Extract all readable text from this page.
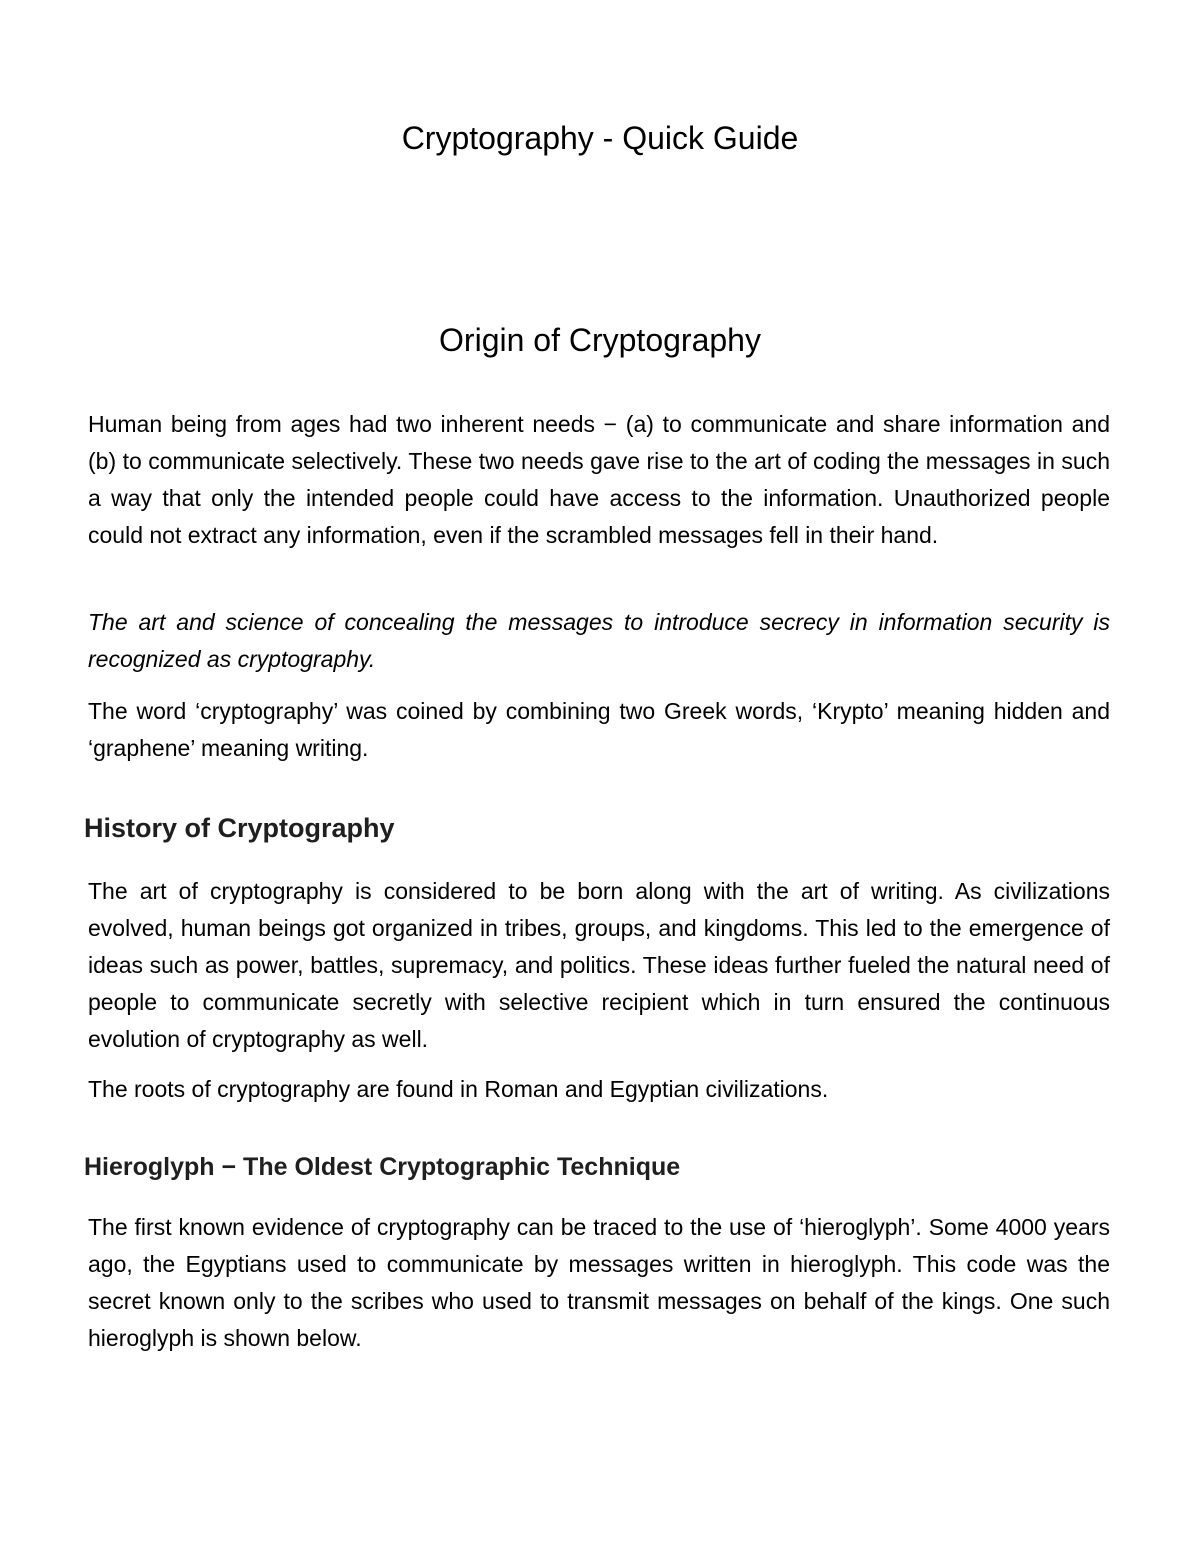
Cryptography - Quick Guide
Origin of Cryptography

Human being from ages had two inherent needs − (a) to communicate and share information and (b) to communicate selectively. These two needs gave rise to the art of coding the messages in such a way that only the intended people could have access to the information. Unauthorized people could not extract any information, even if the scrambled messages fell in their hand.

The art and science of concealing the messages to introduce secrecy in information security is recognized as cryptography.

The word ‘cryptography’ was coined by combining two Greek words, ‘Krypto’ meaning hidden and ‘graphene’ meaning writing.

History of Cryptography

The art of cryptography is considered to be born along with the art of writing. As civilizations evolved, human beings got organized in tribes, groups, and kingdoms. This led to the emergence of ideas such as power, battles, supremacy, and politics. These ideas further fueled the natural need of people to communicate secretly with selective recipient which in turn ensured the continuous evolution of cryptography as well.

The roots of cryptography are found in Roman and Egyptian civilizations.

Hieroglyph − The Oldest Cryptographic Technique

The first known evidence of cryptography can be traced to the use of ‘hieroglyph’. Some 4000 years ago, the Egyptians used to communicate by messages written in hieroglyph. This code was the secret known only to the scribes who used to transmit messages on behalf of the kings. One such hieroglyph is shown below.
